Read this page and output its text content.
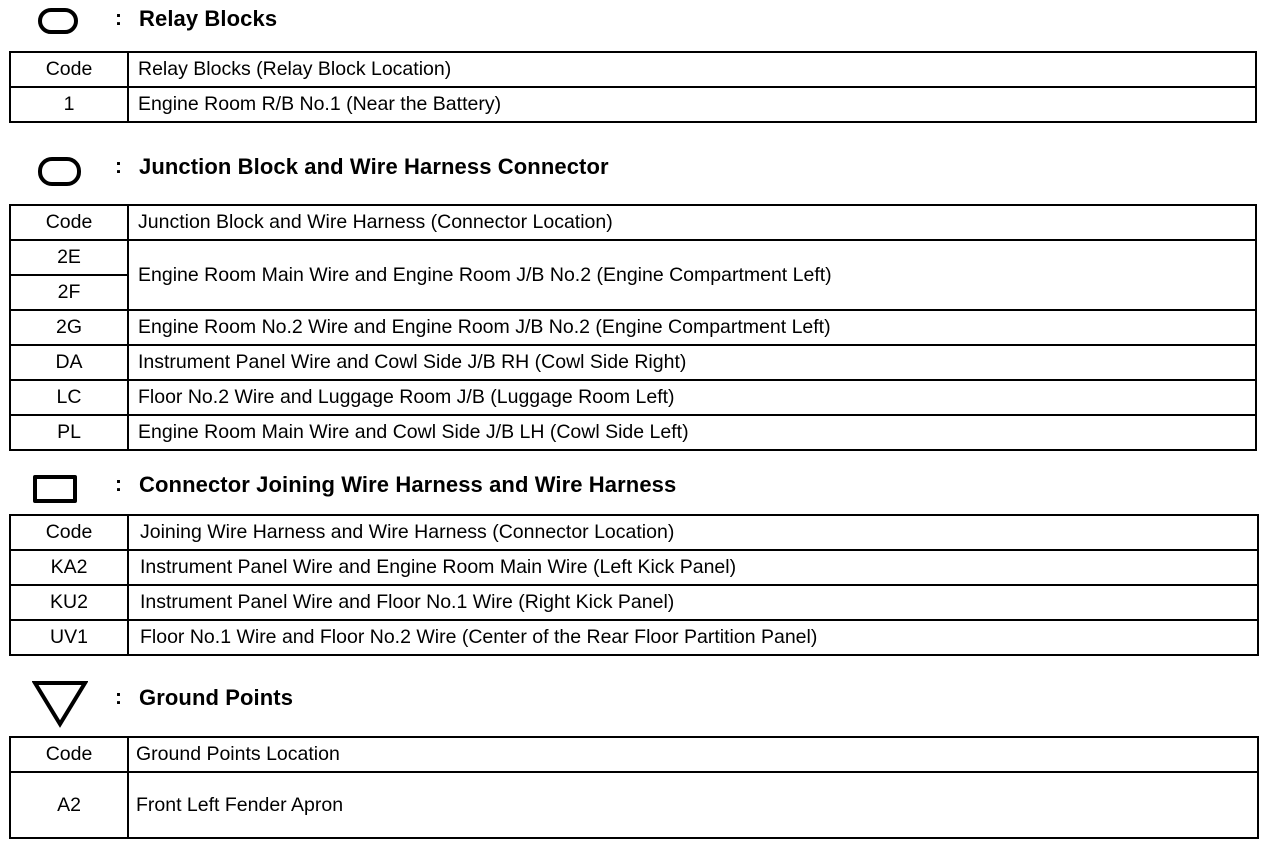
: Relay Blocks
Code	Relay Blocks (Relay Block Location)
1	Engine Room R/B No.1 (Near the Battery)
: Junction Block and Wire Harness Connector
Code	Junction Block and Wire Harness (Connector Location)
2E	Engine Room Main Wire and Engine Room J/B No.2 (Engine Compartment Left)
2F	
2G	Engine Room No.2 Wire and Engine Room J/B No.2 (Engine Compartment Left)
DA	Instrument Panel Wire and Cowl Side J/B RH (Cowl Side Right)
LC	Floor No.2 Wire and Luggage Room J/B (Luggage Room Left)
PL	Engine Room Main Wire and Cowl Side J/B LH (Cowl Side Left)
: Connector Joining Wire Harness and Wire Harness
Code	Joining Wire Harness and Wire Harness (Connector Location)
KA2	Instrument Panel Wire and Engine Room Main Wire (Left Kick Panel)
KU2	Instrument Panel Wire and Floor No.1 Wire (Right Kick Panel)
UV1	Floor No.1 Wire and Floor No.2 Wire (Center of the Rear Floor Partition Panel)
: Ground Points
Code	Ground Points Location
A2	Front Left Fender Apron
